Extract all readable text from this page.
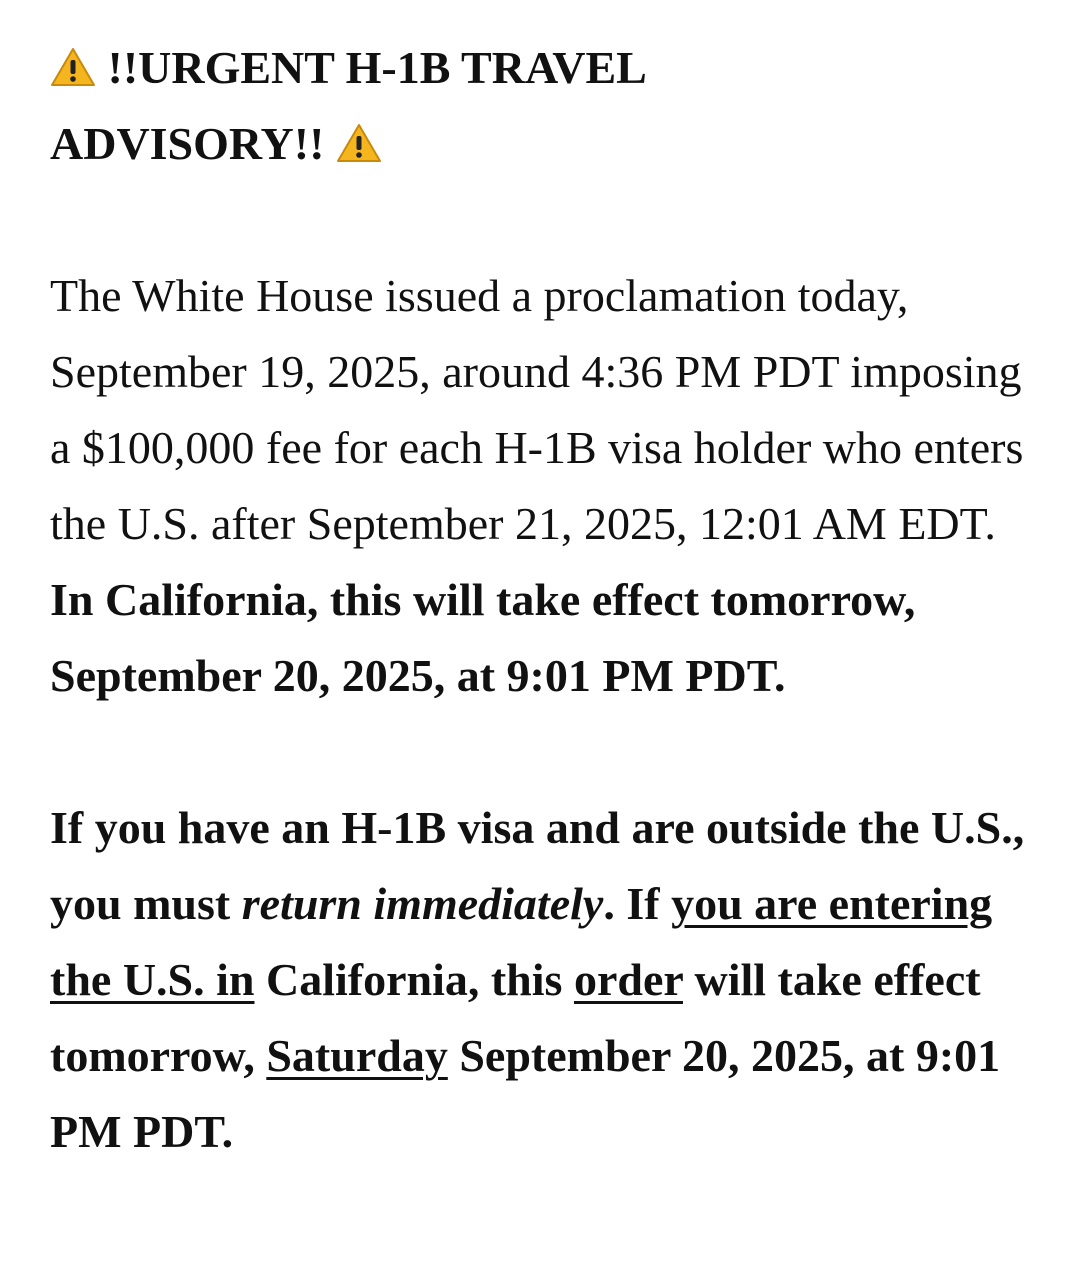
!!URGENT H-1B TRAVEL
ADVISORY!!

The White House issued a proclamation today, September 19, 2025, around 4:36 PM PDT imposing a $100,000 fee for each H-1B visa holder who enters the U.S. after September 21, 2025, 12:01 AM EDT. In California, this will take effect tomorrow, September 20, 2025, at 9:01 PM PDT.

If you have an H-1B visa and are outside the U.S., you must return immediately. If you are entering the U.S. in California, this order will take effect tomorrow, Saturday September 20, 2025, at 9:01 PM PDT.
